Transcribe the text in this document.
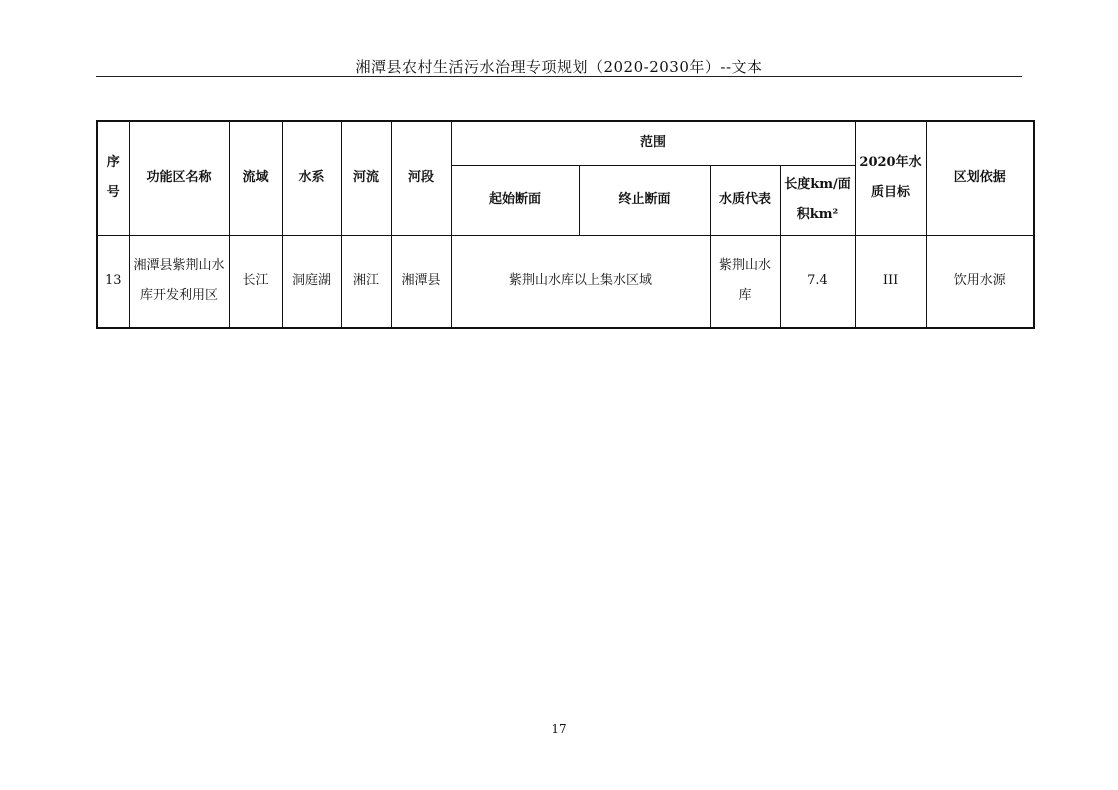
湘潭县农村生活污水治理专项规划（2020-2030年）--文本
序号	功能区名称	流域	水系	河流	河段	范围				2020年水质目标	区划依据
						起始断面	终止断面	水质代表	长度km/面积km²		
13	湘潭县紫荆山水库开发利用区	长江	洞庭湖	湘江	湘潭县	紫荆山水库以上集水区域		紫荆山水库	7.4	III	饮用水源
17
